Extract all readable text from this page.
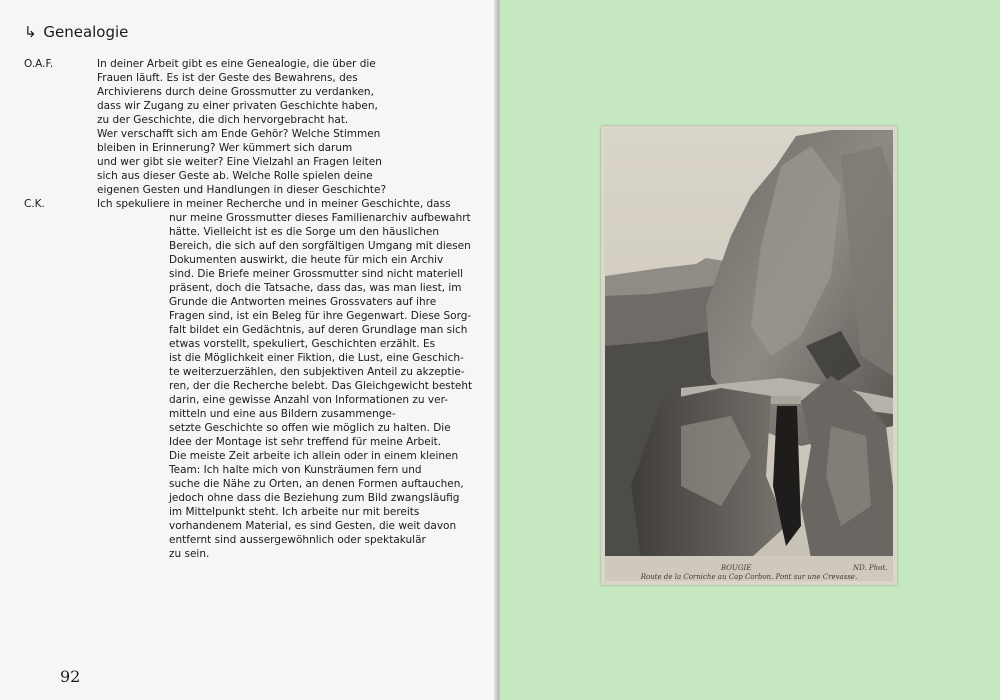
↳ Genealogie
O.A.F.	In deiner Arbeit gibt es eine Genealogie, die über die
Frauen läuft. Es ist der Geste des Bewahrens, des
Archivierens durch deine Grossmutter zu verdanken,
dass wir Zugang zu einer privaten Geschichte haben,
zu der Geschichte, die dich hervorgebracht hat.
Wer verschafft sich am Ende Gehör? Welche Stimmen
bleiben in Erinnerung? Wer kümmert sich darum
und wer gibt sie weiter? Eine Vielzahl an Fragen leiten
sich aus dieser Geste ab. Welche Rolle spielen deine
eigenen Gesten und Handlungen in dieser Geschichte?
C.K.	Ich spekuliere in meiner Recherche und in meiner Geschichte, dass
nur meine Grossmutter dieses Familienarchiv aufbewahrt
hätte. Vielleicht ist es die Sorge um den häuslichen
Bereich, die sich auf den sorgfältigen Umgang mit diesen
Dokumenten auswirkt, die heute für mich ein Archiv
sind. Die Briefe meiner Grossmutter sind nicht materiell
präsent, doch die Tatsache, dass das, was man liest, im
Grunde die Antworten meines Grossvaters auf ihre
Fragen sind, ist ein Beleg für ihre Gegenwart. Diese Sorg-
falt bildet ein Gedächtnis, auf deren Grundlage man sich
etwas vorstellt, spekuliert, Geschichten erzählt. Es
ist die Möglichkeit einer Fiktion, die Lust, eine Geschich-
te weiterzuerzählen, den subjektiven Anteil zu akzeptie-
ren, der die Recherche belebt. Das Gleichgewicht besteht
darin, eine gewisse Anzahl von Informationen zu ver-
mitteln und eine aus Bildern zusammenge-
setzte Geschichte so offen wie möglich zu halten. Die
Idee der Montage ist sehr treffend für meine Arbeit.
Die meiste Zeit arbeite ich allein oder in einem kleinen
Team: Ich halte mich von Kunsträumen fern und
suche die Nähe zu Orten, an denen Formen auftauchen,
jedoch ohne dass die Beziehung zum Bild zwangsläufig
im Mittelpunkt steht. Ich arbeite nur mit bereits
vorhandenem Material, es sind Gesten, die weit davon
entfernt sind aussergewöhnlich oder spektakulär
zu sein.
92
BOUGIE	ND. Phot.
Route de la Corniche au Cap Corbon. Pont sur une Crevasse.
